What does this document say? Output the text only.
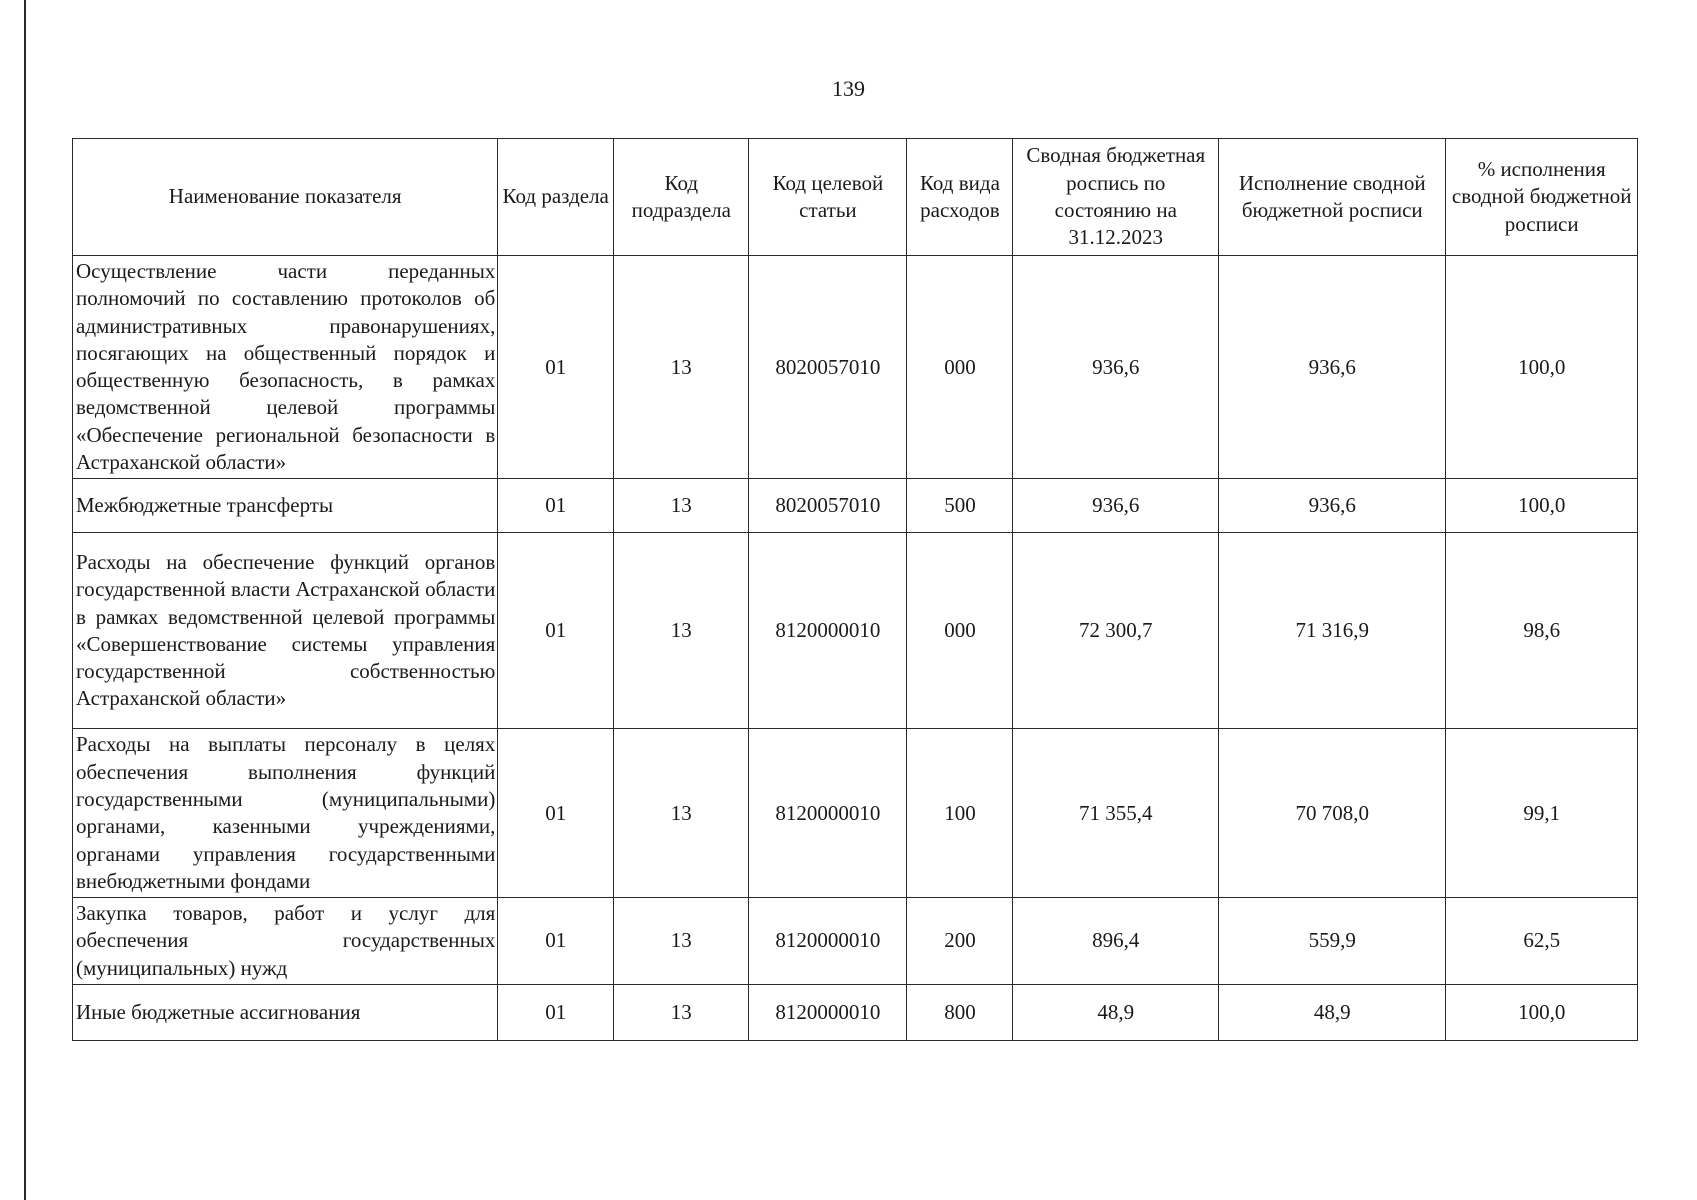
139
Наименование показателя	Код раздела	Код подраздела	Код целевой статьи	Код вида расходов	Сводная бюджетная роспись по состоянию на 31.12.2023	Исполнение сводной бюджетной росписи	% исполнения сводной бюджетной росписи
Осуществление части переданных полномочий по составлению протоколов об административных правонарушениях, посягающих на общественный порядок и общественную безопасность, в рамках ведомственной целевой программы «Обеспечение региональной безопасности в Астраханской области»	01	13	8020057010	000	936,6	936,6	100,0
Межбюджетные трансферты	01	13	8020057010	500	936,6	936,6	100,0
Расходы на обеспечение функций органов государственной власти Астраханской области в рамках ведомственной целевой программы «Совершенствование системы управления государственной собственностью Астраханской области»	01	13	8120000010	000	72 300,7	71 316,9	98,6
Расходы на выплаты персоналу в целях обеспечения выполнения функций государственными (муниципальными) органами, казенными учреждениями, органами управления государственными внебюджетными фондами	01	13	8120000010	100	71 355,4	70 708,0	99,1
Закупка товаров, работ и услуг для обеспечения государственных (муниципальных) нужд	01	13	8120000010	200	896,4	559,9	62,5
Иные бюджетные ассигнования	01	13	8120000010	800	48,9	48,9	100,0
